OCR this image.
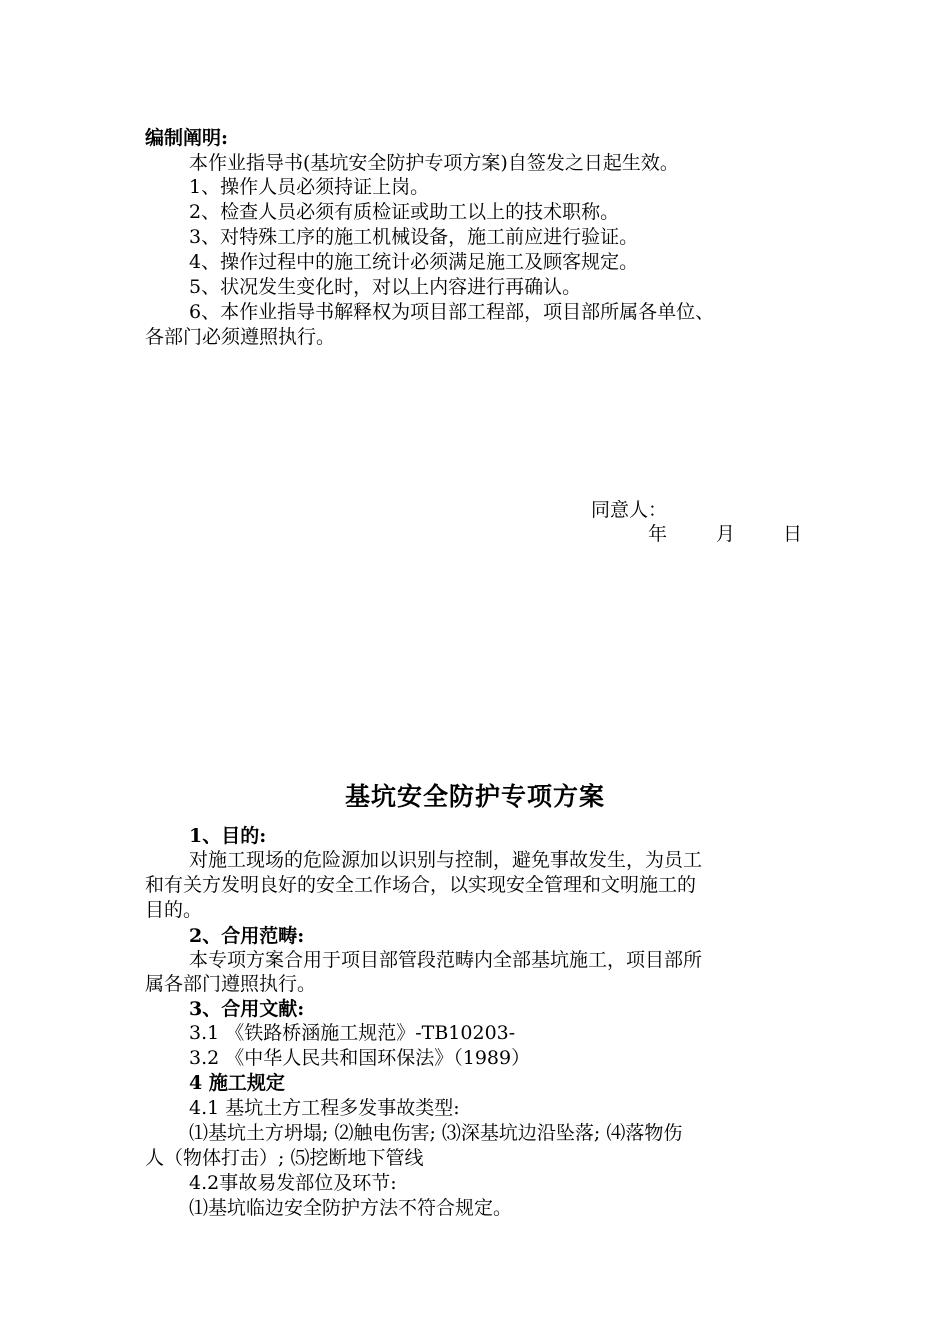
编制阐明:
本作业指导书(基坑安全防护专项方案)自签发之日起生效。
1、操作人员必须持证上岗。
2、检查人员必须有质检证或助工以上的技术职称。
3、对特殊工序的施工机械设备，施工前应进行验证。
4、操作过程中的施工统计必须满足施工及顾客规定。
5、状况发生变化时，对以上内容进行再确认。
6、本作业指导书解释权为项目部工程部，项目部所属各单位、
各部门必须遵照执行。
同意人：
年	月	日
基坑安全防护专项方案
1、目的:
对施工现场的危险源加以识别与控制，避免事故发生，为员工
和有关方发明良好的安全工作场合，以实现安全管理和文明施工的
目的。
2、合用范畴:
本专项方案合用于项目部管段范畴内全部基坑施工，项目部所
属各部门遵照执行。
3、合用文献:
3.1 《铁路桥涵施工规范》-TB10203-
3.2 《中华人民共和国环保法》（1989）
4 施工规定
4.1 基坑土方工程多发事故类型:
⑴基坑土方坍塌; ⑵触电伤害; ⑶深基坑边沿坠落; ⑷落物伤
人（物体打击）; ⑸挖断地下管线
4.2事故易发部位及环节:
⑴基坑临边安全防护方法不符合规定。
